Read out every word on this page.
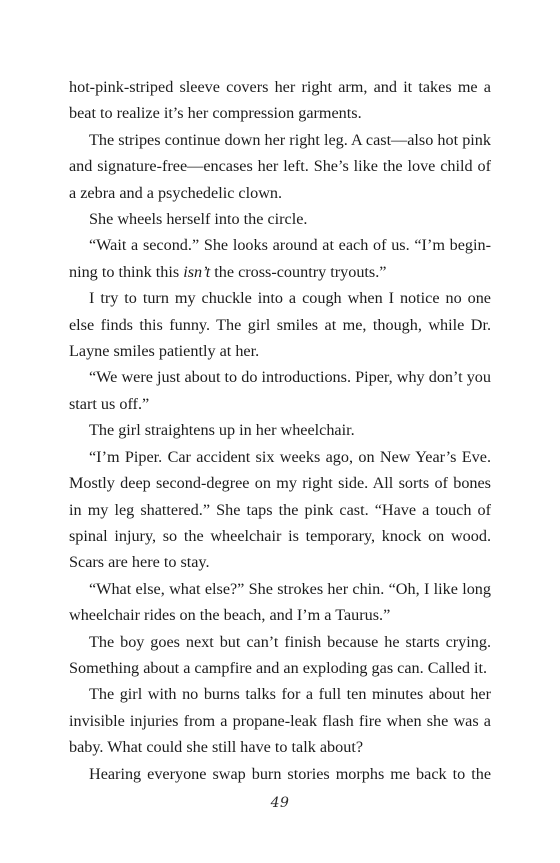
hot-pink-striped sleeve covers her right arm, and it takes me a beat to realize it’s her compression garments.

The stripes continue down her right leg. A cast—also hot pink and signature-free—encases her left. She’s like the love child of a zebra and a psychedelic clown.

She wheels herself into the circle.

“Wait a second.” She looks around at each of us. “I’m begin-ning to think this isn’t the cross-country tryouts.”

I try to turn my chuckle into a cough when I notice no one else finds this funny. The girl smiles at me, though, while Dr. Layne smiles patiently at her.

“We were just about to do introductions. Piper, why don’t you start us off.”

The girl straightens up in her wheelchair.

“I’m Piper. Car accident six weeks ago, on New Year’s Eve. Mostly deep second-degree on my right side. All sorts of bones in my leg shattered.” She taps the pink cast. “Have a touch of spinal injury, so the wheelchair is temporary, knock on wood. Scars are here to stay.

“What else, what else?” She strokes her chin. “Oh, I like long wheelchair rides on the beach, and I’m a Taurus.”

The boy goes next but can’t finish because he starts crying. Something about a campfire and an exploding gas can. Called it.

The girl with no burns talks for a full ten minutes about her invisible injuries from a propane-leak flash fire when she was a baby. What could she still have to talk about?

Hearing everyone swap burn stories morphs me back to the

49
